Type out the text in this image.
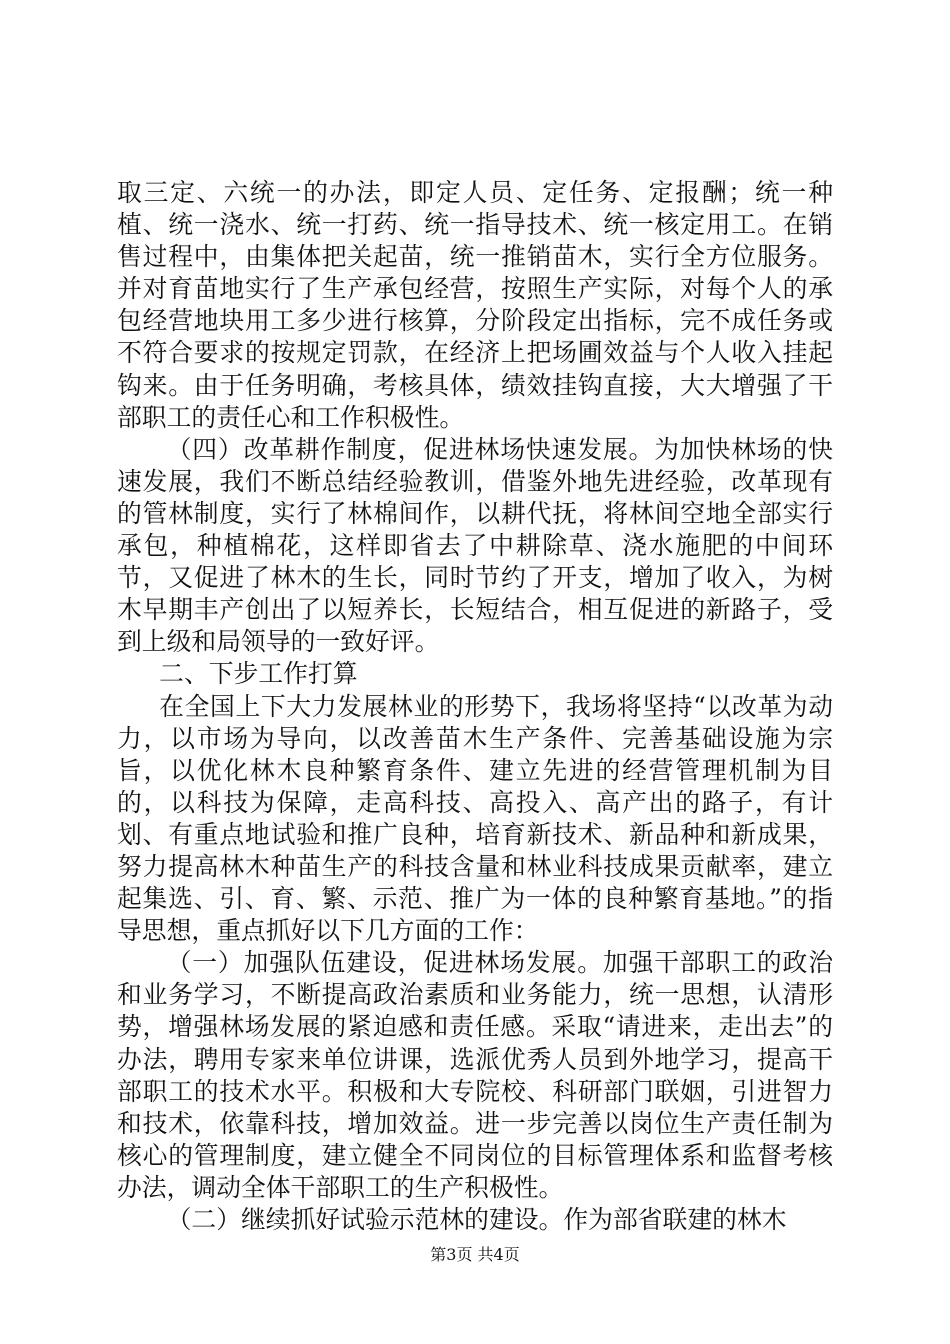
取三定、六统一的办法，即定人员、定任务、定报酬；统一种植、统一浇水、统一打药、统一指导技术、统一核定用工。在销售过程中，由集体把关起苗，统一推销苗木，实行全方位服务。并对育苗地实行了生产承包经营，按照生产实际，对每个人的承包经营地块用工多少进行核算，分阶段定出指标，完不成任务或不符合要求的按规定罚款，在经济上把场圃效益与个人收入挂起钩来。由于任务明确，考核具体，绩效挂钩直接，大大增强了干部职工的责任心和工作积极性。

（四）改革耕作制度，促进林场快速发展。为加快林场的快速发展，我们不断总结经验教训，借鉴外地先进经验，改革现有的管林制度，实行了林棉间作，以耕代抚，将林间空地全部实行承包，种植棉花，这样即省去了中耕除草、浇水施肥的中间环节，又促进了林木的生长，同时节约了开支，增加了收入，为树木早期丰产创出了以短养长，长短结合，相互促进的新路子，受到上级和局领导的一致好评。

二、下步工作打算

在全国上下大力发展林业的形势下，我场将坚持“以改革为动力，以市场为导向，以改善苗木生产条件、完善基础设施为宗旨，以优化林木良种繁育条件、建立先进的经营管理机制为目的，以科技为保障，走高科技、高投入、高产出的路子，有计划、有重点地试验和推广良种，培育新技术、新品种和新成果，努力提高林木种苗生产的科技含量和林业科技成果贡献率，建立起集选、引、育、繁、示范、推广为一体的良种繁育基地。”的指导思想，重点抓好以下几方面的工作：

（一）加强队伍建设，促进林场发展。加强干部职工的政治和业务学习，不断提高政治素质和业务能力，统一思想，认清形势，增强林场发展的紧迫感和责任感。采取“请进来，走出去”的办法，聘用专家来单位讲课，选派优秀人员到外地学习，提高干部职工的技术水平。积极和大专院校、科研部门联姻，引进智力和技术，依靠科技，增加效益。进一步完善以岗位生产责任制为核心的管理制度，建立健全不同岗位的目标管理体系和监督考核办法，调动全体干部职工的生产积极性。

（二）继续抓好试验示范林的建设。作为部省联建的林木

第3页 共4页
